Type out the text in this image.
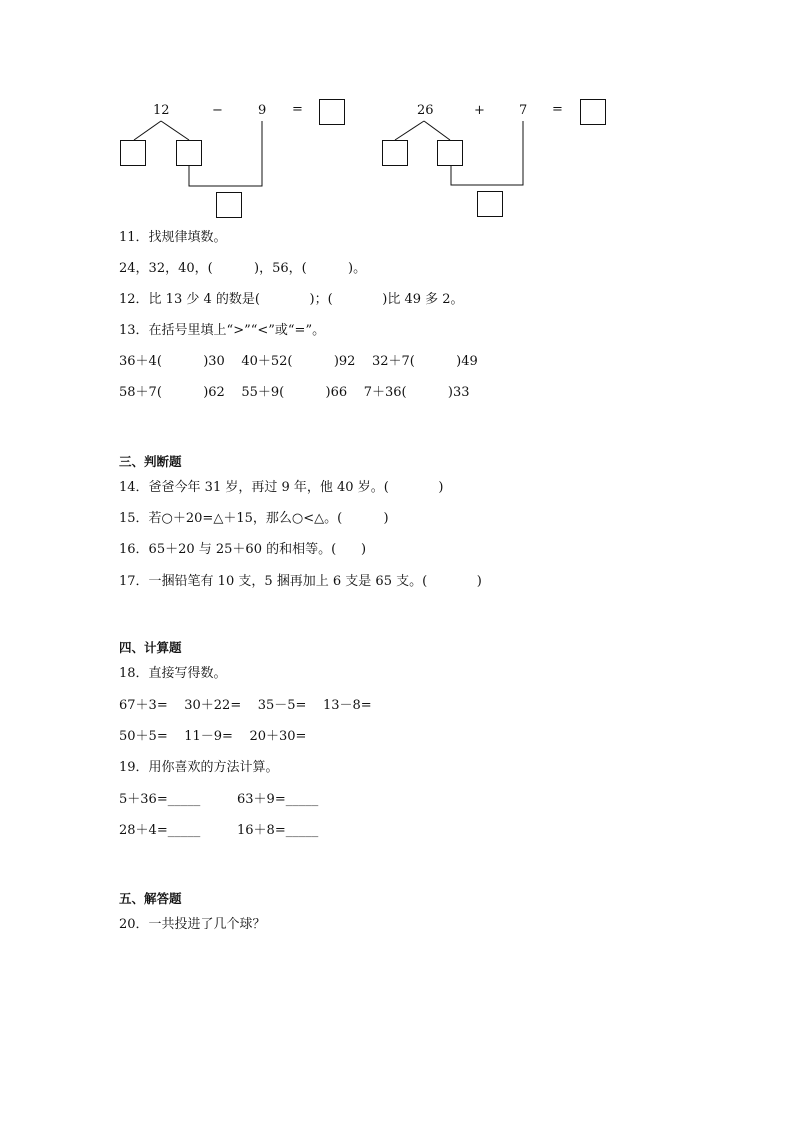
12	−	9 =	26	+	7 =
11．找规律填数。
24，32，40，(          )，56，(          )。
12．比 13 少 4 的数是(            )；(            )比 49 多 2。
13．在括号里填上“>”“<”或“=”。
36＋4(          )30    40＋52(          )92    32＋7(          )49
58＋7(          )62    55＋9(          )66    7＋36(          )33
三、判断题
14．爸爸今年 31 岁，再过 9 年，他 40 岁。(            )
15．若○＋20=△＋15，那么○<△。(          )
16．65＋20 与 25＋60 的和相等。(      )
17．一捆铅笔有 10 支，5 捆再加上 6 支是 65 支。(            )
四、计算题
18．直接写得数。
67＋3=    30＋22=    35－5=    13－8=
50＋5=    11－9=    20＋30=
19．用你喜欢的方法计算。
5＋36=_____	63＋9=_____
28＋4=_____	16＋8=_____
五、解答题
20．一共投进了几个球？
